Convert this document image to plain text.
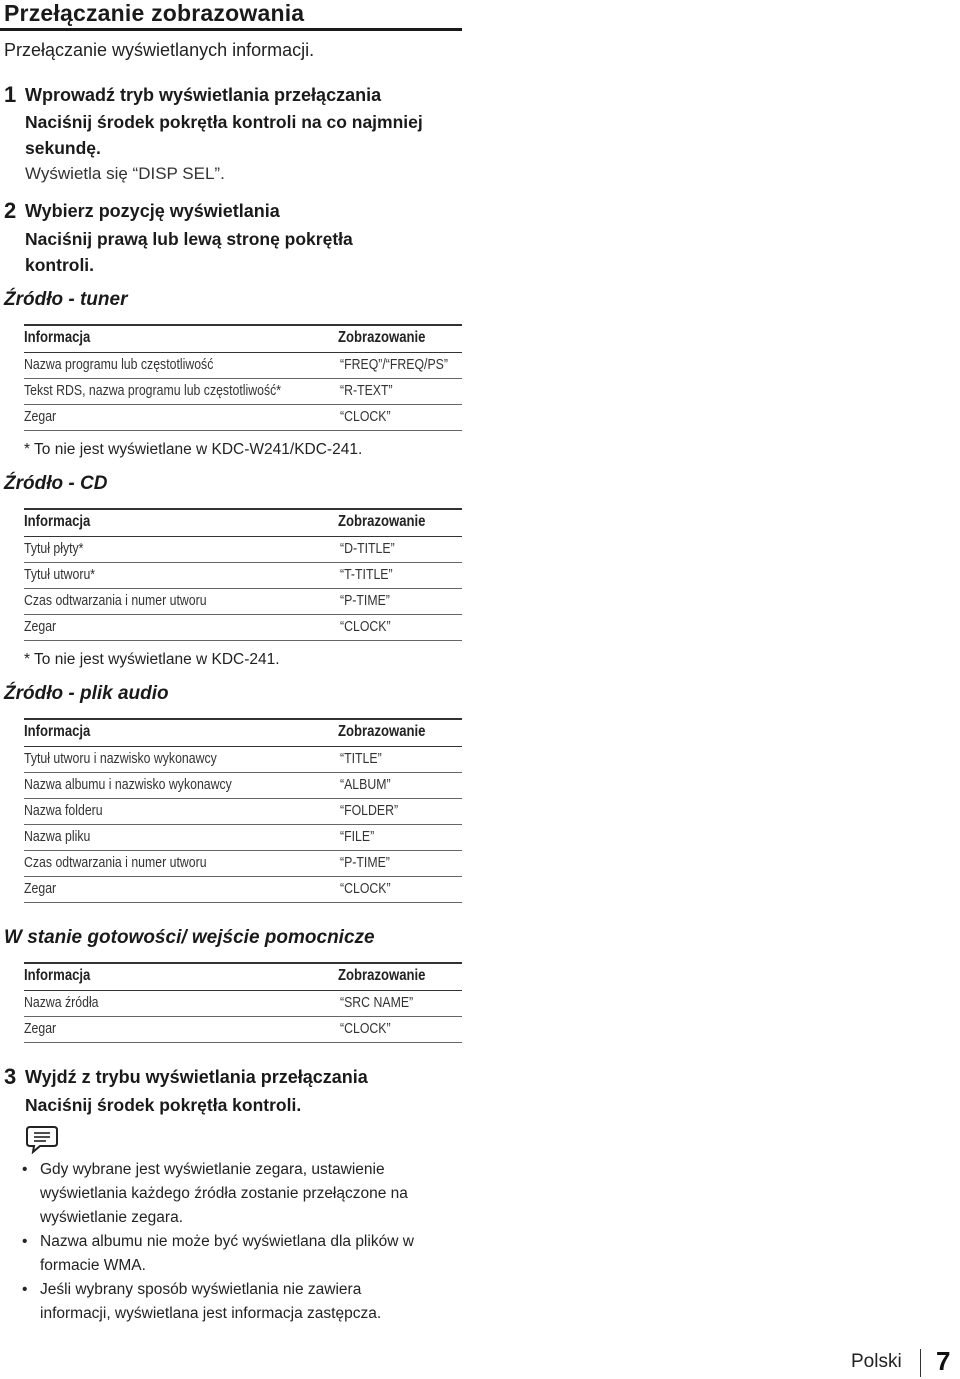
Przełączanie zobrazowania
Przełączanie wyświetlanych informacji.
1 Wprowadź tryb wyświetlania przełączania
Naciśnij środek pokrętła kontroli na co najmniej
sekundę.
Wyświetla się “DISP SEL”.
2 Wybierz pozycję wyświetlania
Naciśnij prawą lub lewą stronę pokrętła
kontroli.
Źródło - tuner
Informacja	Zobrazowanie
Nazwa programu lub częstotliwość	“FREQ”/“FREQ/PS”
Tekst RDS, nazwa programu lub częstotliwość*	“R-TEXT”
Zegar	“CLOCK”
* To nie jest wyświetlane w KDC-W241/KDC-241.
Źródło - CD
Informacja	Zobrazowanie
Tytuł płyty*	“D-TITLE”
Tytuł utworu*	“T-TITLE”
Czas odtwarzania i numer utworu	“P-TIME”
Zegar	“CLOCK”
* To nie jest wyświetlane w KDC-241.
Źródło - plik audio
Informacja	Zobrazowanie
Tytuł utworu i nazwisko wykonawcy	“TITLE”
Nazwa albumu i nazwisko wykonawcy	“ALBUM”
Nazwa folderu	“FOLDER”
Nazwa pliku	“FILE”
Czas odtwarzania i numer utworu	“P-TIME”
Zegar	“CLOCK”
W stanie gotowości/ wejście pomocnicze
Informacja	Zobrazowanie
Nazwa źródła	“SRC NAME”
Zegar	“CLOCK”
3 Wyjdź z trybu wyświetlania przełączania
Naciśnij środek pokrętła kontroli.
• Gdy wybrane jest wyświetlanie zegara, ustawienie
wyświetlania każdego źródła zostanie przełączone na
wyświetlanie zegara.
• Nazwa albumu nie może być wyświetlana dla plików w
formacie WMA.
• Jeśli wybrany sposób wyświetlania nie zawiera
informacji, wyświetlana jest informacja zastępcza.
Polski 7
